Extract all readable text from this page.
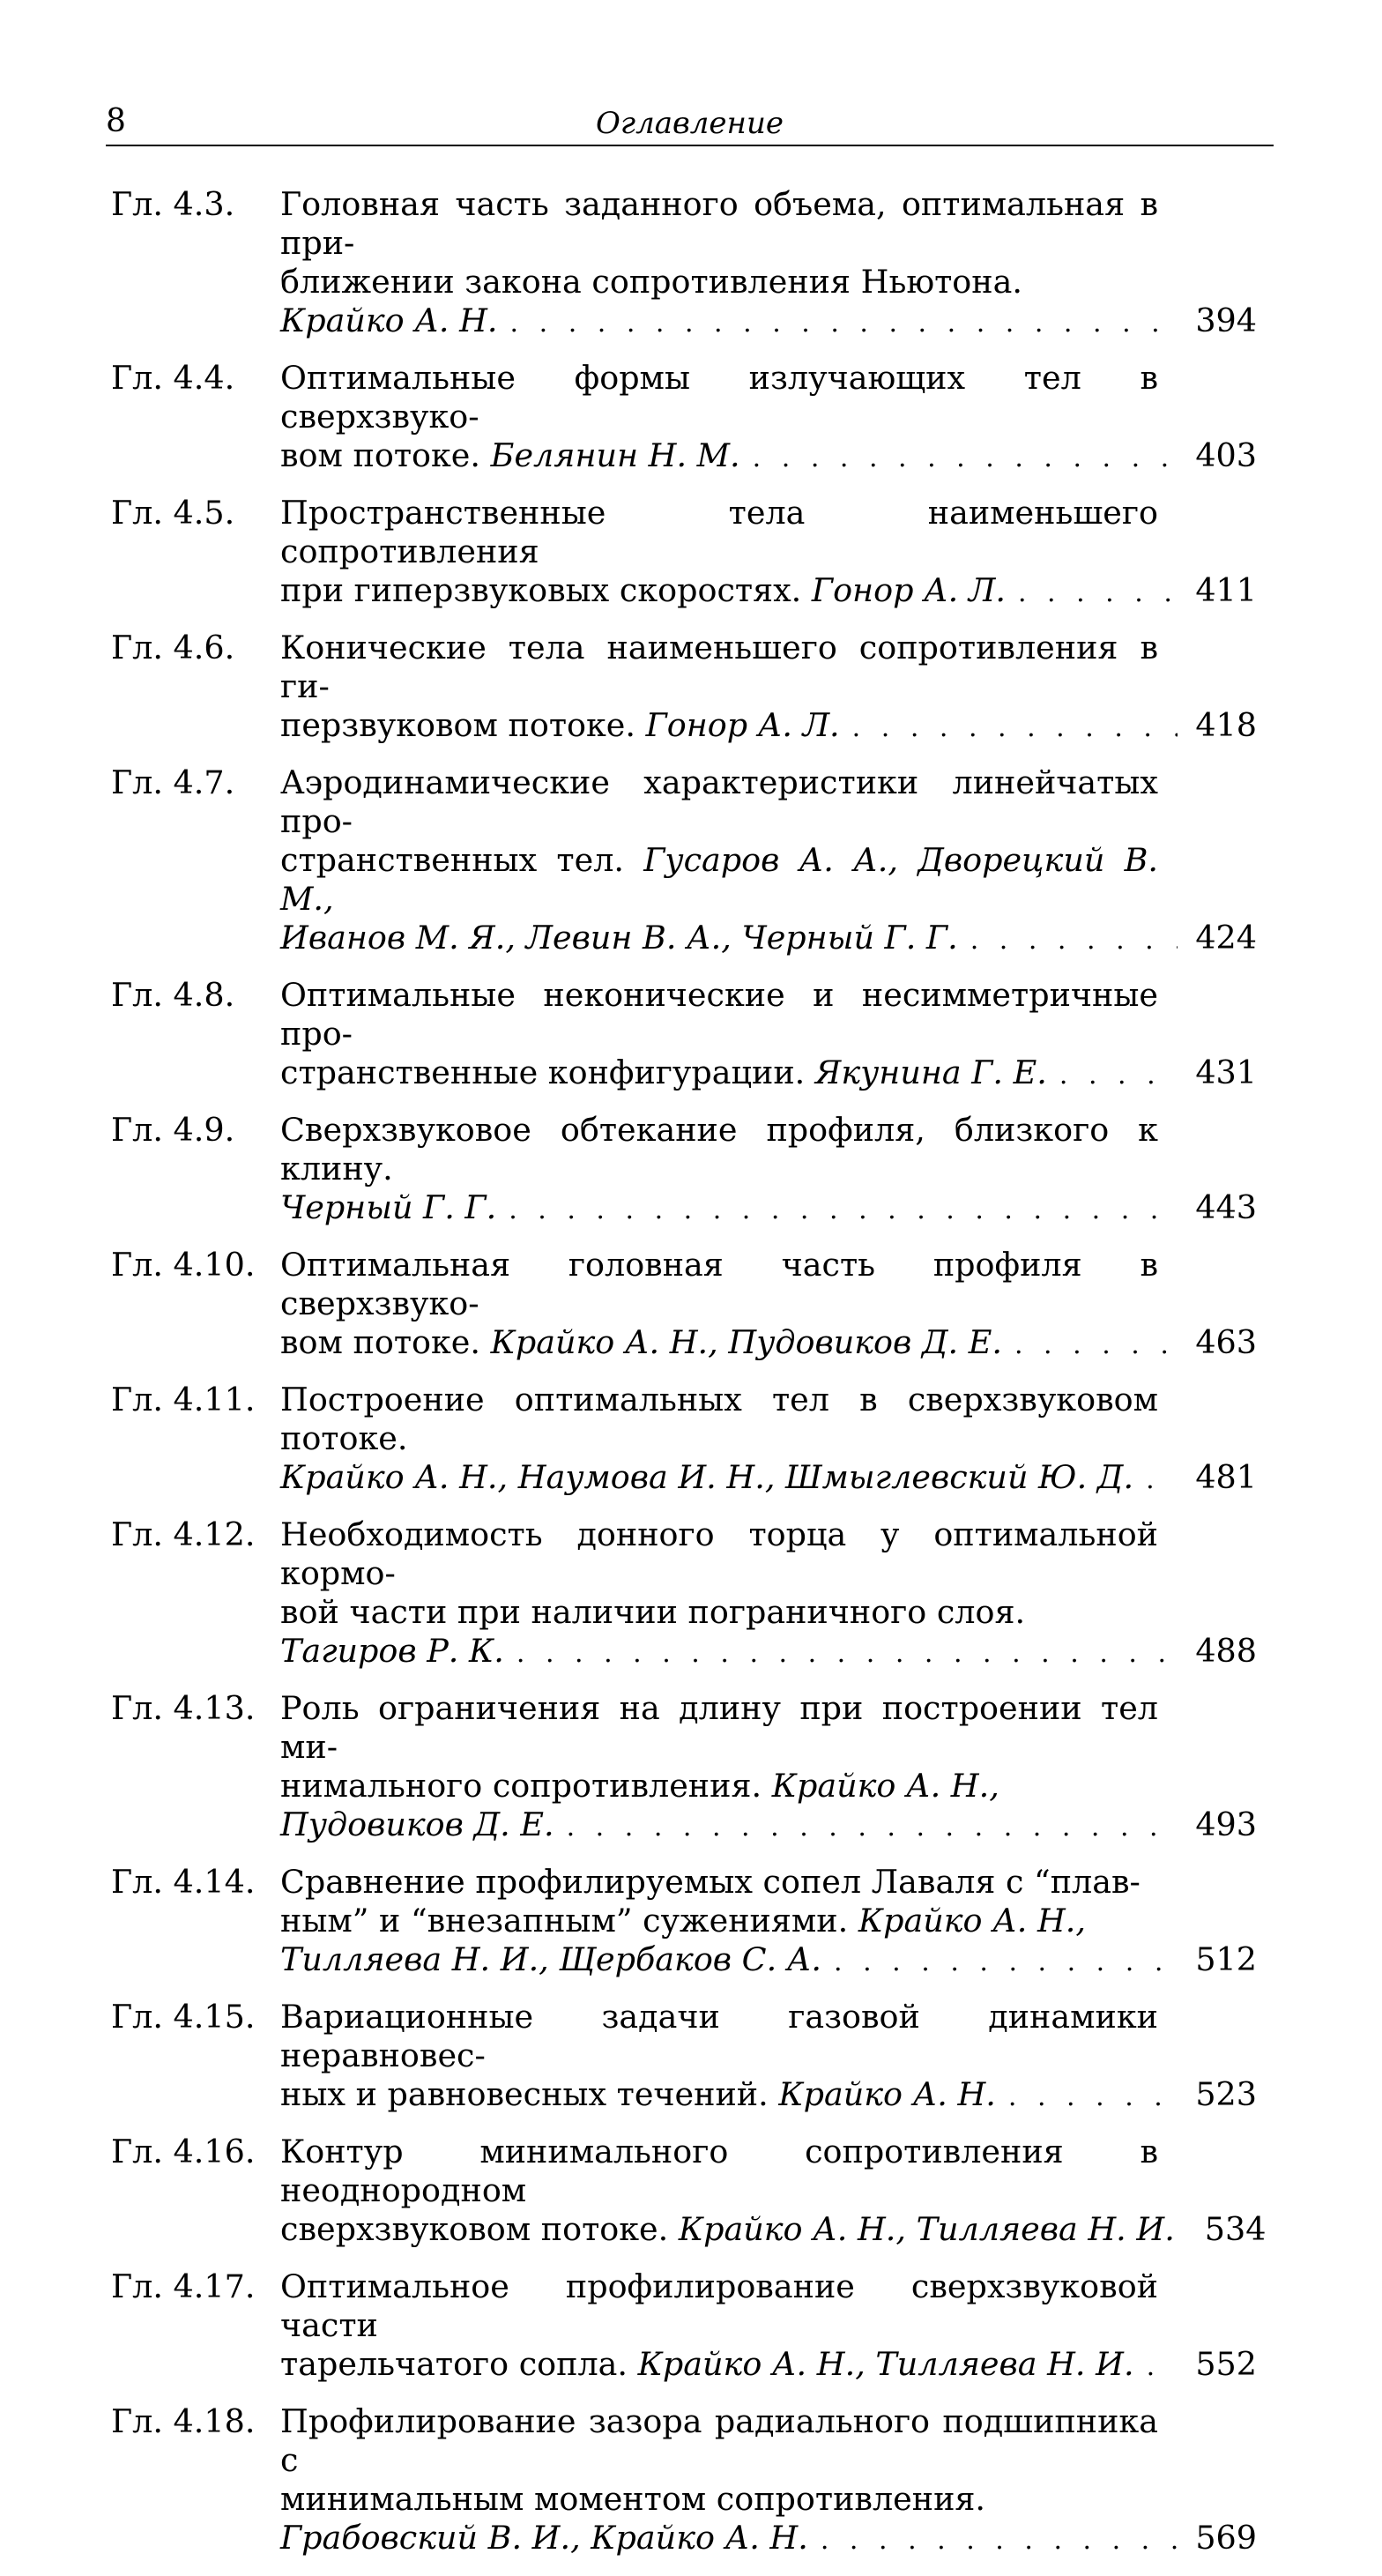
8	Оглавление
Гл. 4.3. Головная часть заданного объема, оптимальная в при-
ближении закона сопротивления Ньютона.
Крайко А. Н. . . .	394
Гл. 4.4. Оптимальные формы излучающих тел в сверхзвуко-
вом потоке. Белянин Н. М. . . .	403
Гл. 4.5. Пространственные тела наименьшего сопротивления
при гиперзвуковых скоростях. Гонор А. Л. . . .	411
Гл. 4.6. Конические тела наименьшего сопротивления в ги-
перзвуковом потоке. Гонор А. Л. . . .	418
Гл. 4.7. Аэродинамические характеристики линейчатых про-
странственных тел. Гусаров А. А., Дворецкий В. М.,
Иванов М. Я., Левин В. А., Черный Г. Г. . . .	424
Гл. 4.8. Оптимальные неконические и несимметричные про-
странственные конфигурации. Якунина Г. Е. . . .	431
Гл. 4.9. Сверхзвуковое обтекание профиля, близкого к клину.
Черный Г. Г. . . .	443
Гл. 4.10. Оптимальная головная часть профиля в сверхзвуко-
вом потоке. Крайко А. Н., Пудовиков Д. Е. . . .	463
Гл. 4.11. Построение оптимальных тел в сверхзвуковом потоке.
Крайко А. Н., Наумова И. Н., Шмыглевский Ю. Д. . . . 481
Гл. 4.12. Необходимость донного торца у оптимальной кормо-
вой части при наличии пограничного слоя.
Тагиров Р. К. . . .	488
Гл. 4.13. Роль ограничения на длину при построении тел ми-
нимального сопротивления. Крайко А. Н.,
Пудовиков Д. Е. . . .	493
Гл. 4.14. Сравнение профилируемых сопел Лаваля с “плав-
ным” и “внезапным” сужениями. Крайко А. Н.,
Тилляева Н. И., Щербаков С. А. . . .	512
Гл. 4.15. Вариационные задачи газовой динамики неравновес-
ных и равновесных течений. Крайко А. Н. . . .	523
Гл. 4.16. Контур минимального сопротивления в неоднородном
сверхзвуковом потоке. Крайко А. Н., Тилляева Н. И. 534
Гл. 4.17. Оптимальное профилирование сверхзвуковой части
тарельчатого сопла. Крайко А. Н., Тилляева Н. И. . . . 552
Гл. 4.18. Профилирование зазора радиального подшипника с
минимальным моментом сопротивления.
Грабовский В. И., Крайко А. Н. . . .	569
